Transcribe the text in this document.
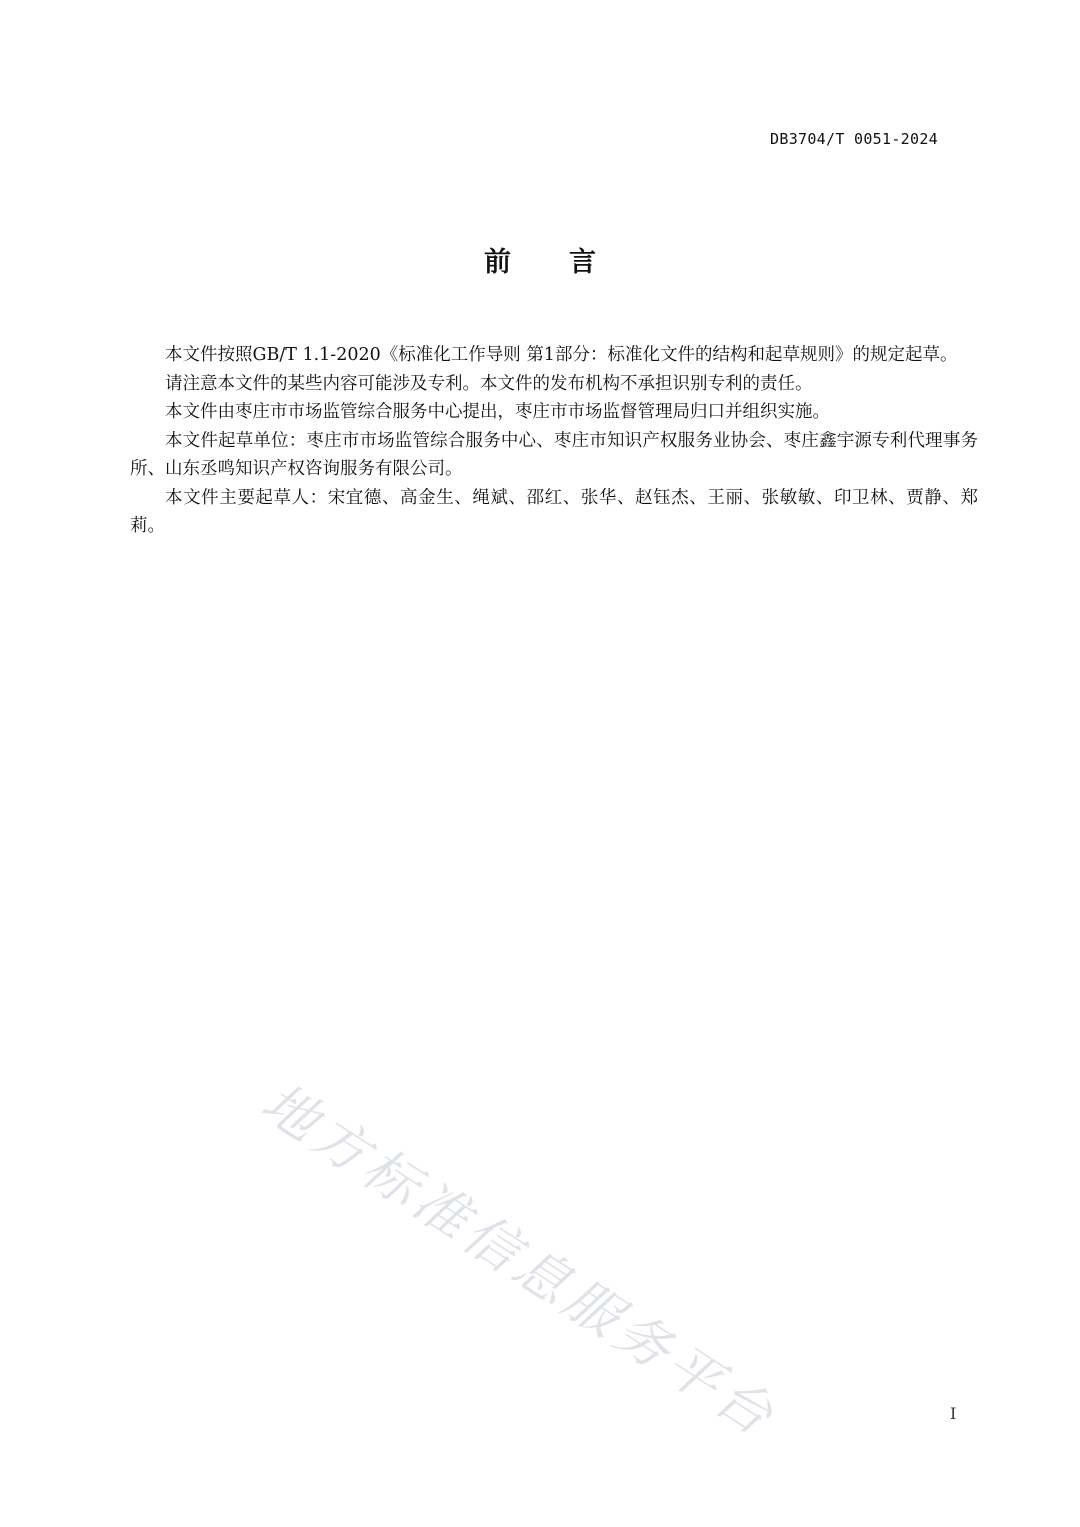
DB3704/T 0051-2024
前言

本文件按照GB/T 1.1-2020《标准化工作导则 第1部分：标准化文件的结构和起草规则》的规定起草。

请注意本文件的某些内容可能涉及专利。本文件的发布机构不承担识别专利的责任。

本文件由枣庄市市场监管综合服务中心提出，枣庄市市场监督管理局归口并组织实施。

本文件起草单位：枣庄市市场监管综合服务中心、枣庄市知识产权服务业协会、枣庄鑫宇源专利代理事务所、山东丞鸣知识产权咨询服务有限公司。

本文件主要起草人：宋宜德、高金生、绳斌、邵红、张华、赵钰杰、王丽、张敏敏、印卫林、贾静、郑莉。

地方标准信息服务平台	I
